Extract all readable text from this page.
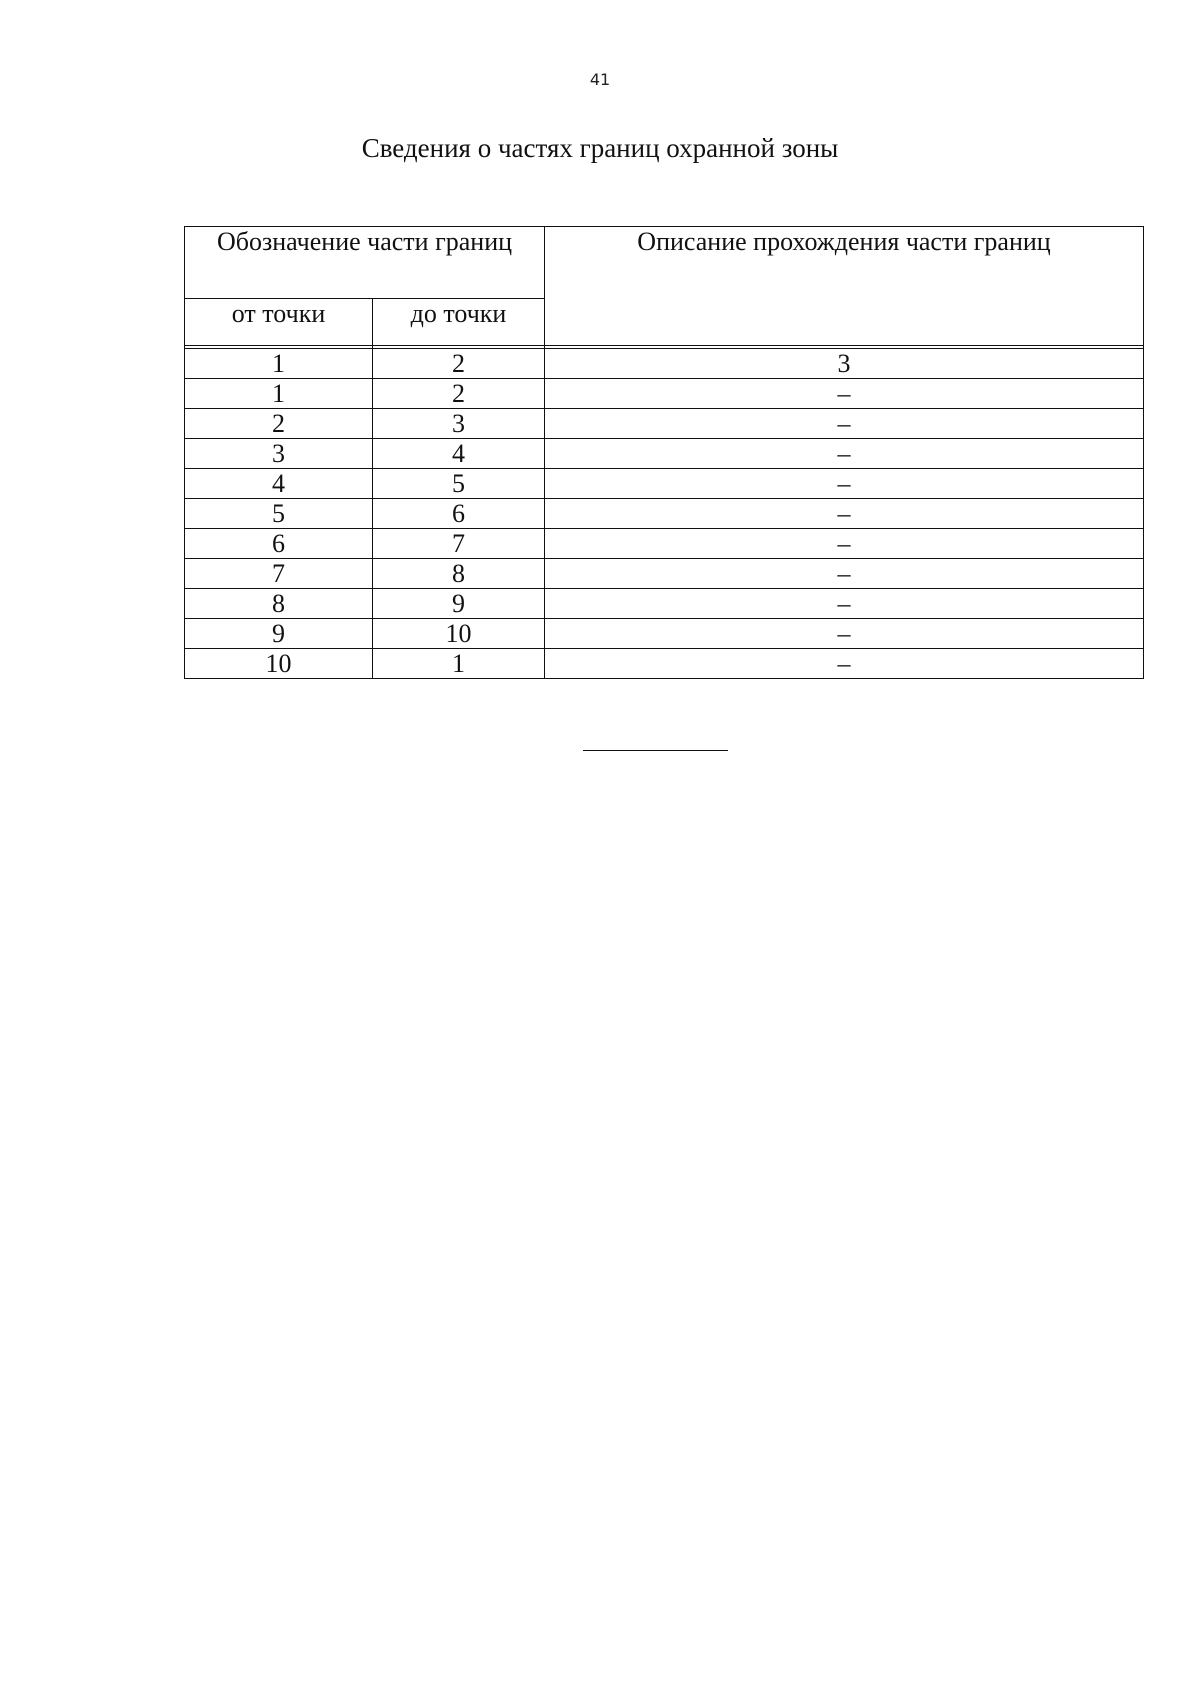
41
Сведения о частях границ охранной зоны
Обозначение части границ		Описание прохождения части границ
от точки	до точки	

1	2	3
1	2	–
2	3	–
3	4	–
4	5	–
5	6	–
6	7	–
7	8	–
8	9	–
9	10	–
10	1	–
